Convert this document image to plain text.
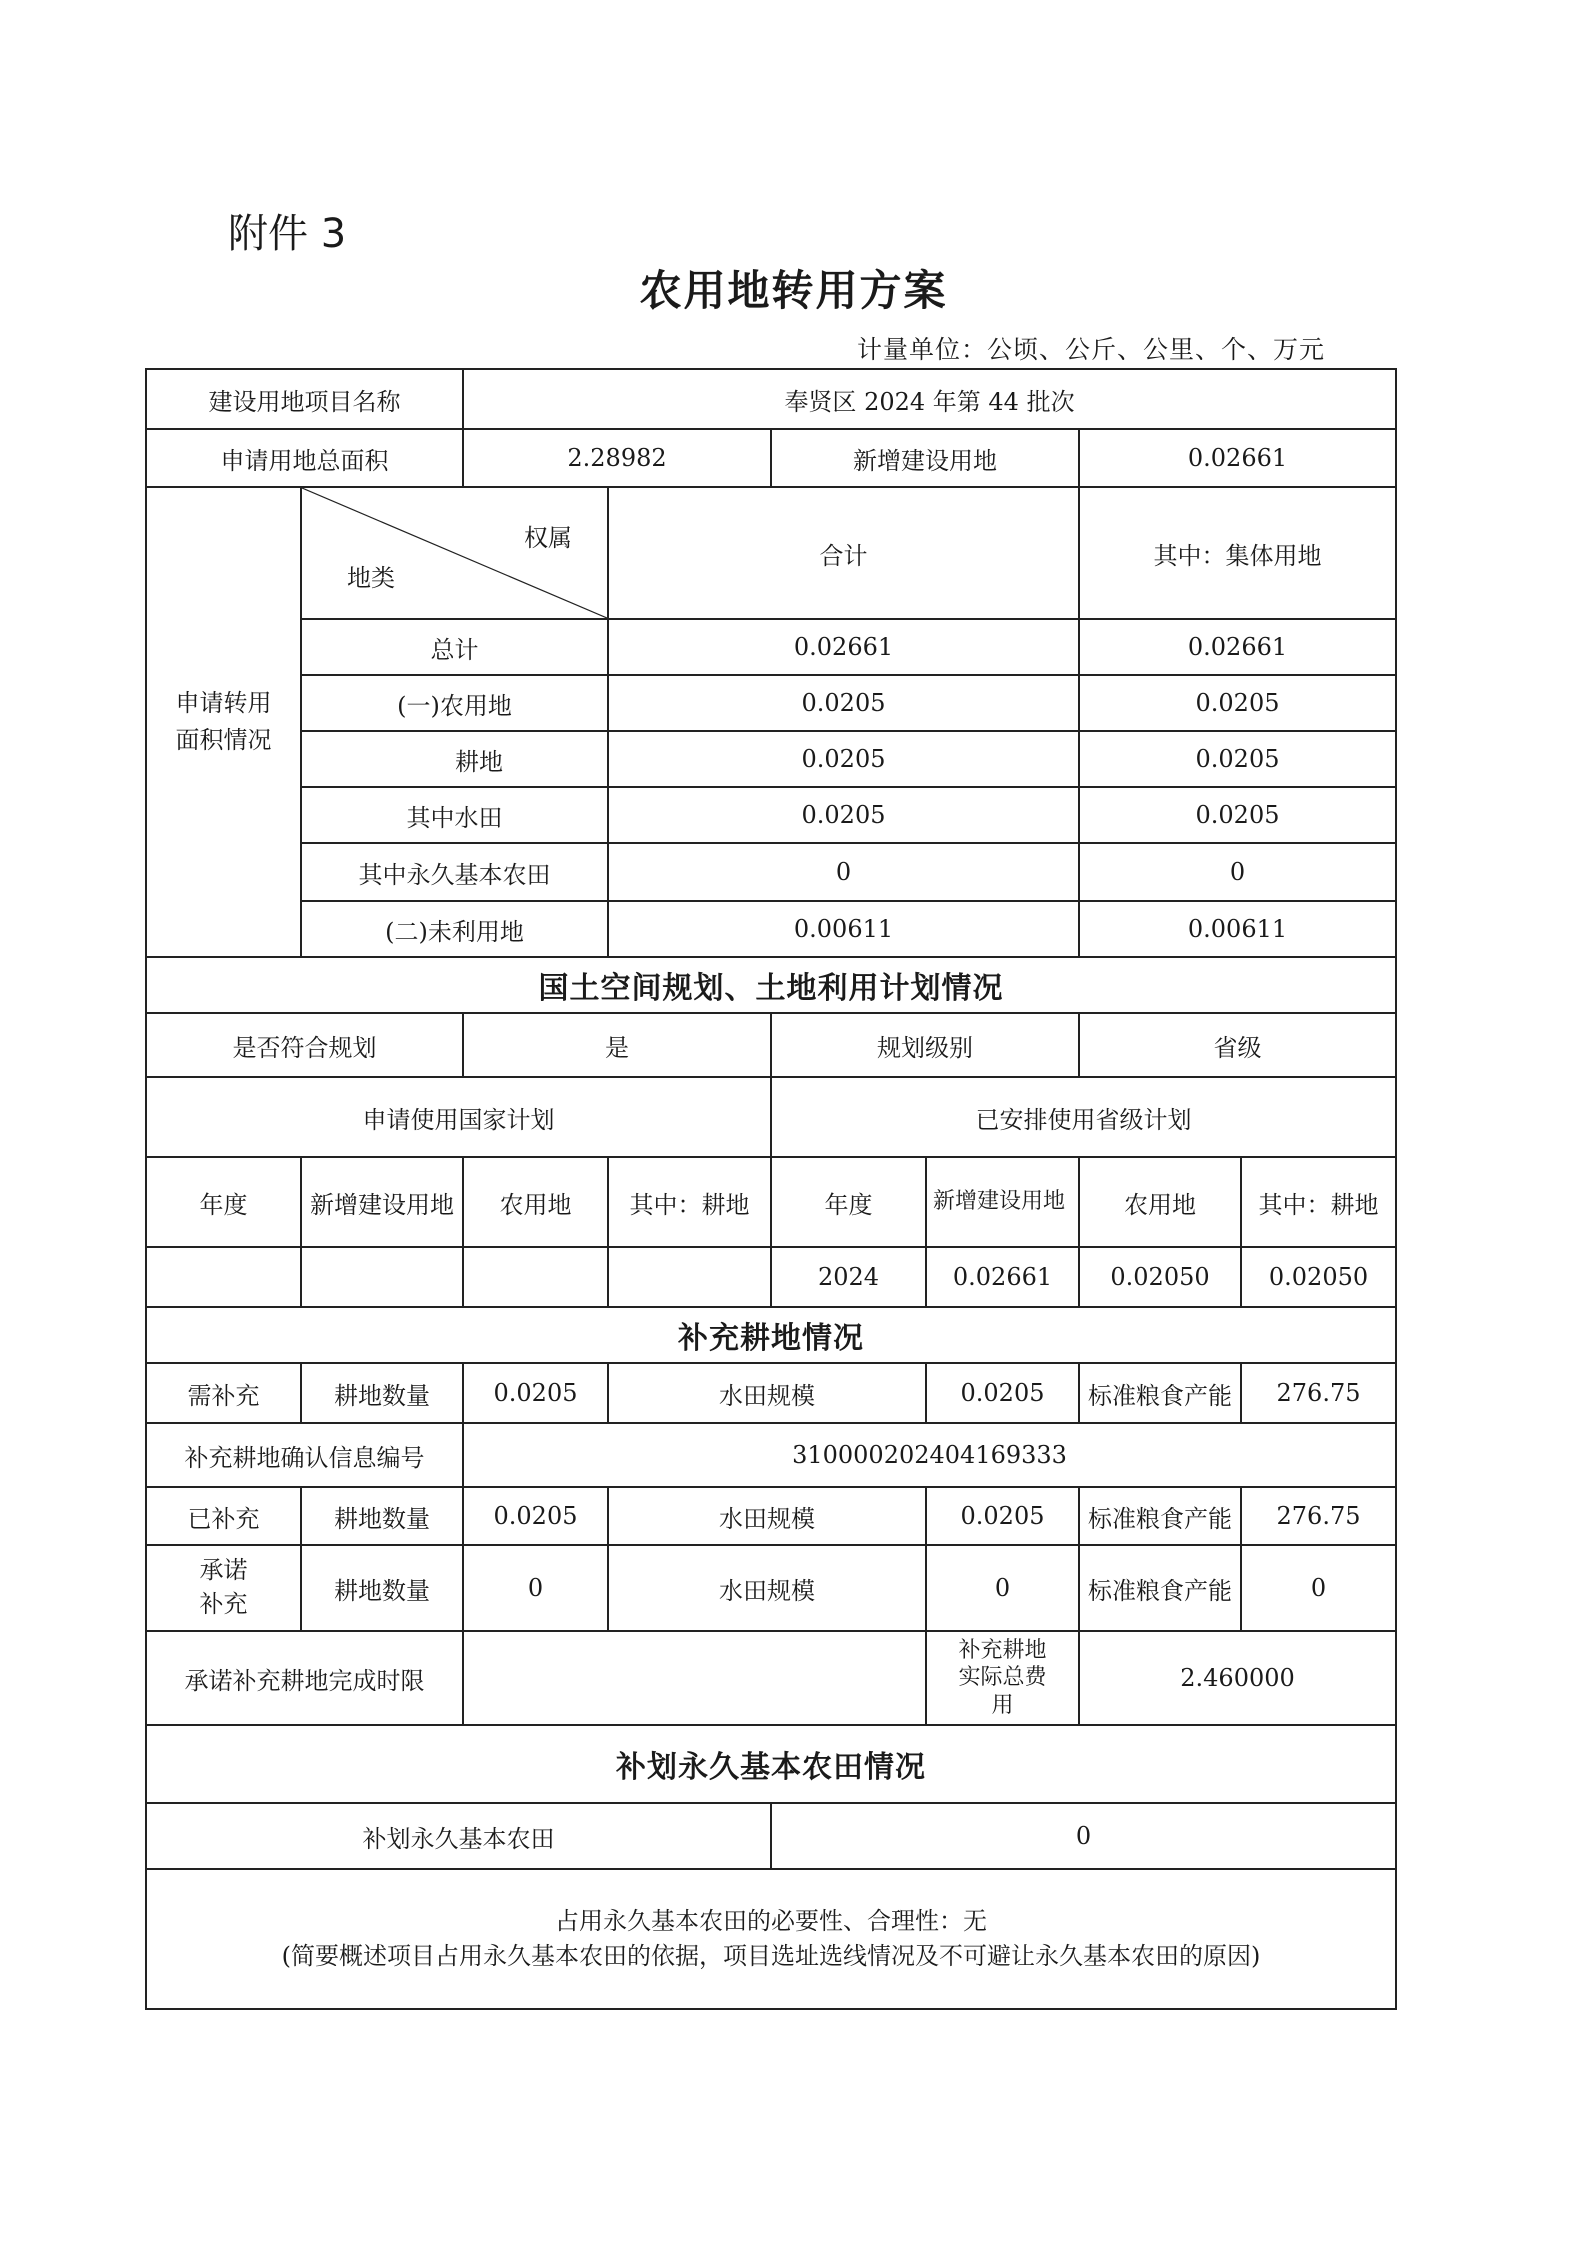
附件 3
农用地转用方案
计量单位：公顷、公斤、公里、个、万元
建设用地项目名称		奉贤区 2024 年第 44 批次					
申请用地总面积		2.28982		新增建设用地		0.02661	

申请转用面积情况	权属
地类		合计			其中：集体用地	
	总计		0.02661			0.02661	
	(一)农用地		0.0205			0.0205	
	耕地		0.0205			0.0205	
	其中水田		0.0205			0.0205	
	其中永久基本农田		0			0	
	(二)未利用地		0.00611			0.00611	
国土空间规划、土地利用计划情况							
是否符合规划		是		规划级别		省级	
申请使用国家计划				已安排使用省级计划			
年度	新增建设用地	农用地	其中：耕地	年度	新增建设用地	农用地	其中：耕地
				2024	0.02661	0.02050	0.02050
补充耕地情况							
需补充	耕地数量	0.0205	水田规模		0.0205	标准粮食产能	276.75
补充耕地确认信息编号		310000202404169333					
已补充	耕地数量	0.0205	水田规模		0.0205	标准粮食产能	276.75

承诺补充	耕地数量	0	水田规模		0	标准粮食产能	0
承诺补充耕地完成时限					补充耕地实际总费用	2.460000	
补划永久基本农田情况							
补划永久基本农田				0			

占用永久基本农田的必要性、合理性：无
(简要概述项目占用永久基本农田的依据，项目选址选线情况及不可避让永久基本农田的原因)							
